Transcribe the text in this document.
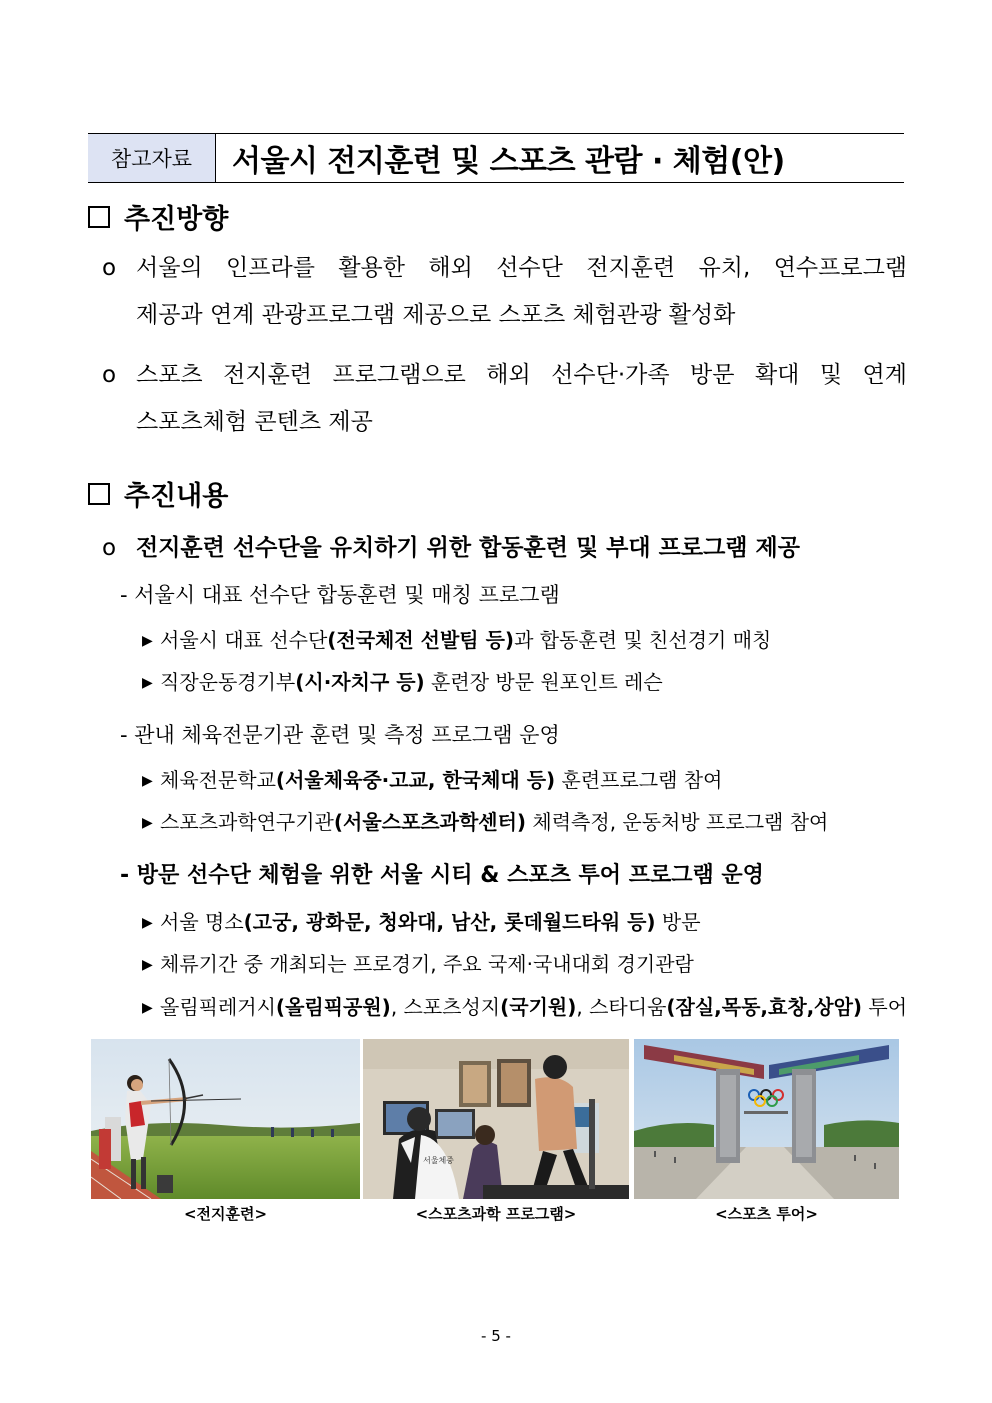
참고자료	서울시 전지훈련 및 스포츠 관람 · 체험(안)
추진방향
o 서울의 인프라를 활용한 해외 선수단 전지훈련 유치, 연수프로그램
제공과 연계 관광프로그램 제공으로 스포츠 체험관광 활성화
o 스포츠 전지훈련 프로그램으로 해외 선수단·가족 방문 확대 및 연계
스포츠체험 콘텐츠 제공
추진내용
o 전지훈련 선수단을 유치하기 위한 합동훈련 및 부대 프로그램 제공
- 서울시 대표 선수단 합동훈련 및 매칭 프로그램
▶ 서울시 대표 선수단(전국체전 선발팀 등)과 합동훈련 및 친선경기 매칭
▶ 직장운동경기부(시·자치구 등) 훈련장 방문 원포인트 레슨
- 관내 체육전문기관 훈련 및 측정 프로그램 운영
▶ 체육전문학교(서울체육중·고교, 한국체대 등) 훈련프로그램 참여
▶ 스포츠과학연구기관(서울스포츠과학센터) 체력측정, 운동처방 프로그램 참여
- 방문 선수단 체험을 위한 서울 시티 & 스포츠 투어 프로그램 운영
▶ 서울 명소(고궁, 광화문, 청와대, 남산, 롯데월드타워 등) 방문
▶ 체류기간 중 개최되는 프로경기, 주요 국제·국내대회 경기관람
▶ 올림픽레거시(올림픽공원), 스포츠성지(국기원), 스타디움(잠실,목동,효창,상암) 투어
<전지훈련>
서울체중
<스포츠과학 프로그램>	<스포츠 투어>
- 5 -
